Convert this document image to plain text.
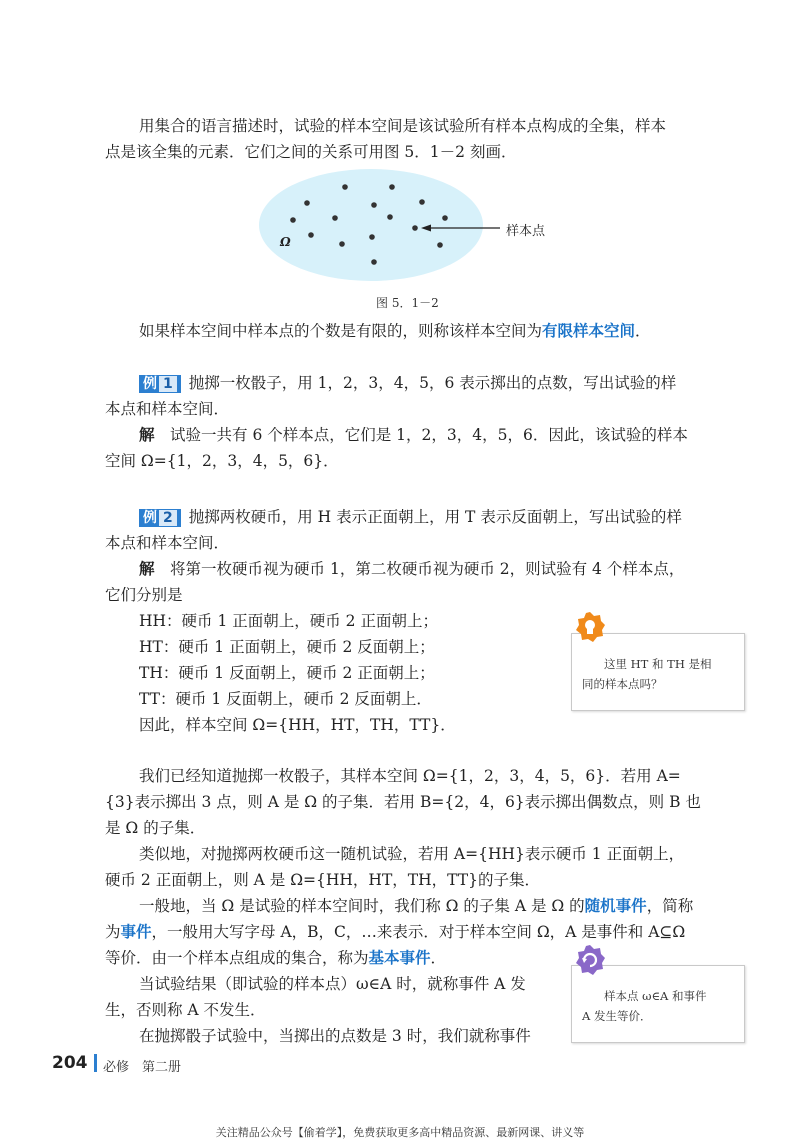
用集合的语言描述时，试验的样本空间是该试验所有样本点构成的全集，样本

点是该全集的元素．它们之间的关系可用图 5．1－2 刻画．

Ω
样本点
图 5．1－2

如果样本空间中样本点的个数是有限的，则称该样本空间为有限样本空间．

例 1 抛掷一枚骰子，用 1，2，3，4，5，6 表示掷出的点数，写出试验的样

本点和样本空间．

解　 试验一共有 6 个样本点，它们是 1，2，3，4，5，6．因此，该试验的样本

空间 Ω={1，2，3，4，5，6}．

例 2 抛掷两枚硬币，用 H 表示正面朝上，用 T 表示反面朝上，写出试验的样

本点和样本空间．

解　 将第一枚硬币视为硬币 1，第二枚硬币视为硬币 2，则试验有 4 个样本点，

它们分别是

HH：硬币 1 正面朝上，硬币 2 正面朝上；

HT：硬币 1 正面朝上，硬币 2 反面朝上；

TH：硬币 1 反面朝上，硬币 2 正面朝上；

TT：硬币 1 反面朝上，硬币 2 反面朝上．

因此，样本空间 Ω={HH，HT，TH，TT}．

这里 HT 和 TH 是相
同的样本点吗？

我们已经知道抛掷一枚骰子，其样本空间 Ω={1，2，3，4，5，6}．若用 A=

{3}表示掷出 3 点，则 A 是 Ω 的子集．若用 B={2，4，6}表示掷出偶数点，则 B 也

是 Ω 的子集．

类似地，对抛掷两枚硬币这一随机试验，若用 A={HH}表示硬币 1 正面朝上，

硬币 2 正面朝上，则 A 是 Ω={HH，HT，TH，TT}的子集．

一般地，当 Ω 是试验的样本空间时，我们称 Ω 的子集 A 是 Ω 的随机事件，简称

为事件，一般用大写字母 A，B，C，…来表示．对于样本空间 Ω，A 是事件和 A⊆Ω

等价．由一个样本点组成的集合，称为基本事件．

当试验结果（即试验的样本点）ω∈A 时，就称事件 A 发

生，否则称 A 不发生．

在抛掷骰子试验中，当掷出的点数是 3 时，我们就称事件

样本点 ω∈A 和事件
A 发生等价．
204 必修　第二册
关注精品公众号【偷着学】，免费获取更多高中精品资源、最新网课、讲义等
